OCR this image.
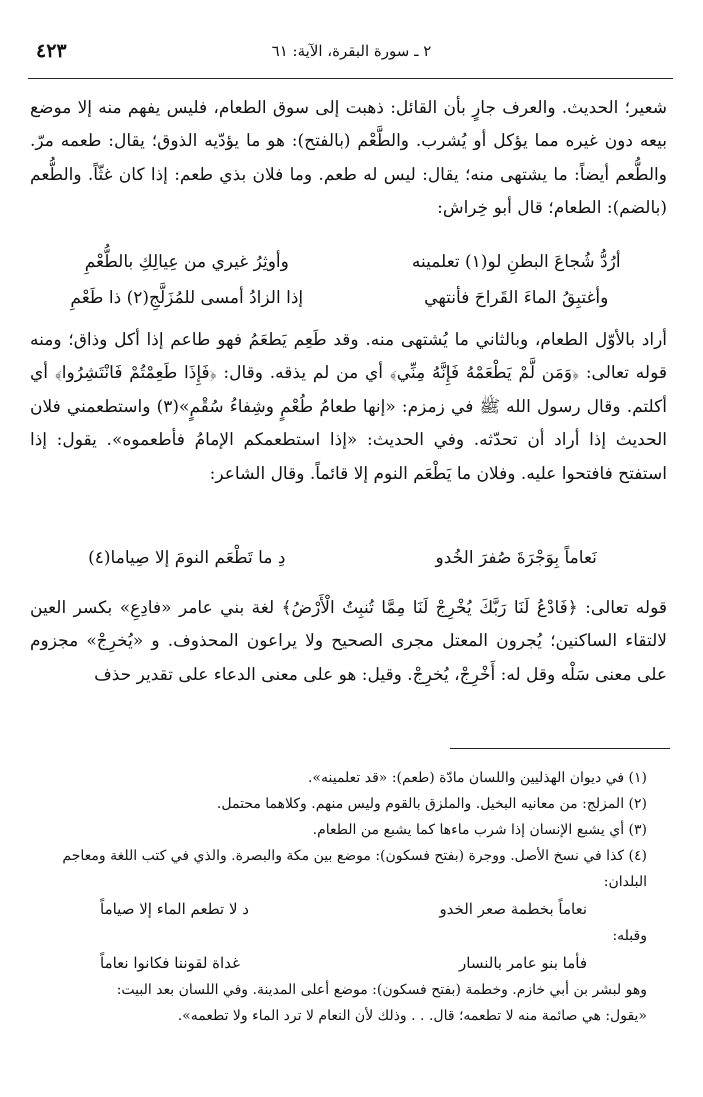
٤٢٣	٢ ـ سورة البقرة، الآية: ٦١

شعير؛ الحديث. والعرف جارٍ بأن القائل: ذهبت إلى سوق الطعام، فليس يفهم منه إلا موضع بيعه دون غيره مما يؤكل أو يُشرب. والطَّعْم (بالفتح): هو ما يؤدّيه الذوق؛ يقال: طعمه مرّ. والطُّعم أيضاً: ما يشتهى منه؛ يقال: ليس له طعم. وما فلان بذي طعم: إذا كان غثّاً. والطُّعم (بالضم): الطعام؛ قال أبو خِراش:

أرُدُّ شُجاعَ البطنِ لو(١) تعلمينه
وأوثِرُ غيري من عِيالِكِ بالطُّعْمِ
وأغتبِقُ الماءَ القَراحَ فأنتهي
إذا الزادُ أمسى للمُزَلَّجِ(٢) ذا طَعْمِ

أراد بالأوّل الطعام، وبالثاني ما يُشتهى منه. وقد طَعِم يَطعَمُ فهو طاعم إذا أكل وذاق؛ ومنه قوله تعالى: ﴿وَمَن لَّمْ يَطْعَمْهُ فَإِنَّهُ مِنِّي﴾ أي من لم يذقه. وقال: ﴿فَإِذَا طَعِمْتُمْ فَانْتَشِرُوا﴾ أي أكلتم. وقال رسول الله ﷺ في زمزم: «إنها طعامُ طُعْمٍ وشِفاءُ سُقْمٍ»(٣) واستطعمني فلان الحديث إذا أراد أن تحدّثه. وفي الحديث: «إذا استطعمكم الإمامُ فأطعموه». يقول: إذا استفتح فافتحوا عليه. وفلان ما يَطْعَم النوم إلا قائماً. وقال الشاعر:

نَعاماً بِوَجْرَةَ صُفرَ الخُدو
دِ ما تَطْعَم النومَ إلا صِياما(٤)

قوله تعالى: ﴿فَادْعُ لَنَا رَبَّكَ يُخْرِجْ لَنَا مِمَّا تُنبِتُ الْأَرْضُ﴾ لغة بني عامر «فادِعِ» بكسر العين لالتقاء الساكنين؛ يُجرون المعتل مجرى الصحيح ولا يراعون المحذوف. و «يُخرِجْ» مجزوم على معنى سَلْه وقل له: أَخْرِجْ، يُخرِجْ. وقيل: هو على معنى الدعاء على تقدير حذف

(١) في ديوان الهذليين واللسان مادّة (طعم): «قد تعلمينه».

(٢) المزلج: من معانيه البخيل. والملزق بالقوم وليس منهم. وكلاهما محتمل.

(٣) أي يشبع الإنسان إذا شرب ماءها كما يشبع من الطعام.

(٤) كذا في نسخ الأصل. ووجرة (بفتح فسكون): موضع بين مكة والبصرة. والذي في كتب اللغة ومعاجم البلدان:

نعاماً بخطمة صعر الخدو
د لا تطعم الماء إلا صياماً

وقبله:

فأما بنو عامر بالنسار
غداة لقوننا فكانوا نعاماً

وهو لبشر بن أبي خازم. وخطمة (بفتح فسكون): موضع أعلى المدينة. وفي اللسان بعد البيت:

«يقول: هي صائمة منه لا تطعمه؛ قال. . . وذلك لأن النعام لا ترد الماء ولا تطعمه».
